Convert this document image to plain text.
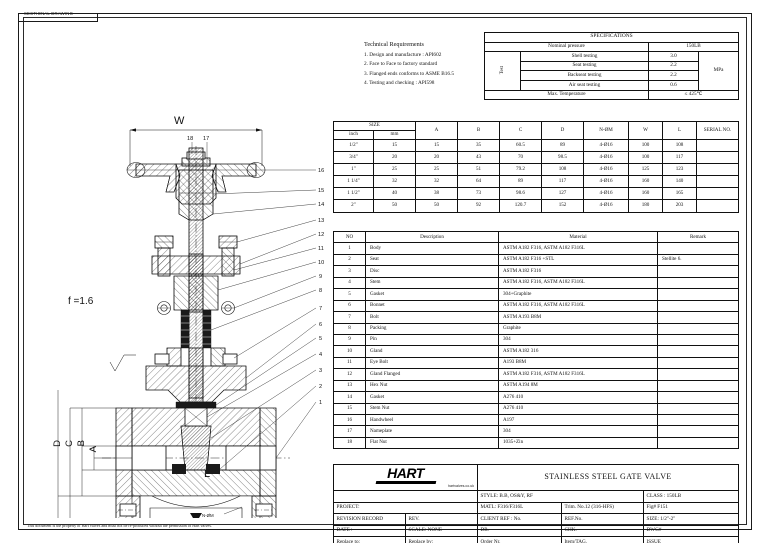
SECTIONAL DRAWING
N-ØM
16
15
14
13
12
11
10
9
8
7
6
5
4
3
2
1
18 17
W
L
f =1.6
A
B
C
D
Technical Requirements
1. Design and manufacture : API602
2. Face to Face to factory standard
3. Flanged ends conforms to ASME B16.5
4. Testing and checking : API598
SPECIFICATIONS			
Nominal pressure		150LB	
Test	Shell testing	3.0	MPa
	Seat testing	2.2	
	Backseat testing	2.2	
	Air seat testing	0.6	
Max. Temperature		≤ 425℃	
SIZE		A	B	C	D	N-ØM	W	L	SERIAL NO.
inch	mm								
1/2"	15	15	35	60.5	89	4-Ø16	100	108	
3/4"	20	20	43	70	98.5	4-Ø16	100	117	
1"	25	25	51	79.2	108	4-Ø16	125	123	
1 1/4"	32	32	64	89	117	4-Ø16	160	140	
1 1/2"	40	38	73	98.6	127	4-Ø16	160	165	
2"	50	50	92	120.7	152	4-Ø16	180	203	
NO	Description	Material	Remark
1	Body	ASTM A182 F316, ASTM A182 F316L	
2	Seat	ASTM A182 F316 +STL	Stellite 6.
3	Disc	ASTM A182 F316	
4	Stem	ASTM A182 F316, ASTM A182 F316L	
5	Gasket	304+Graphite	
6	Bonnet	ASTM A182 F316, ASTM A182 F316L	
7	Bolt	ASTM A193 B8M	
8	Packing	Graphite	
9	Pin	304	
10	Gland	ASTM A182 316	
11	Eye Bolt	A193 B8M	
12	Gland Flanged	ASTM A182 F316, ASTM A182 F316L	
13	Hex Nut	ASTM A194 8M	
14	Gasket	A276 410	
15	Stem Nut	A276 410	
16	Handwheel	A197	
17	Nameplate	304	
18	Flat Nut	1035+Zin	
HART
hartvalves.co.uk		STAINLESS STEEL GATE VALVE		
		STYLE: B.B, OS&Y, RF		CLASS : 150LB
PROJECT:		MATL: F316/F316L	Trim. No.12 (316-HFS)	Fig# F151
REVISION RECORD	REV.	CLIENT REF : No.	REF.No.	SIZE: 1/2"-2"
DATE :	SCALE: NONE	DR.	CHK.	DWG#
Replace to:	Replace by:	Order Nr.	Item/TAG.	ISSUE
This document is the property of Hart valves and must not be re-produced without the permission of Hart valves.
